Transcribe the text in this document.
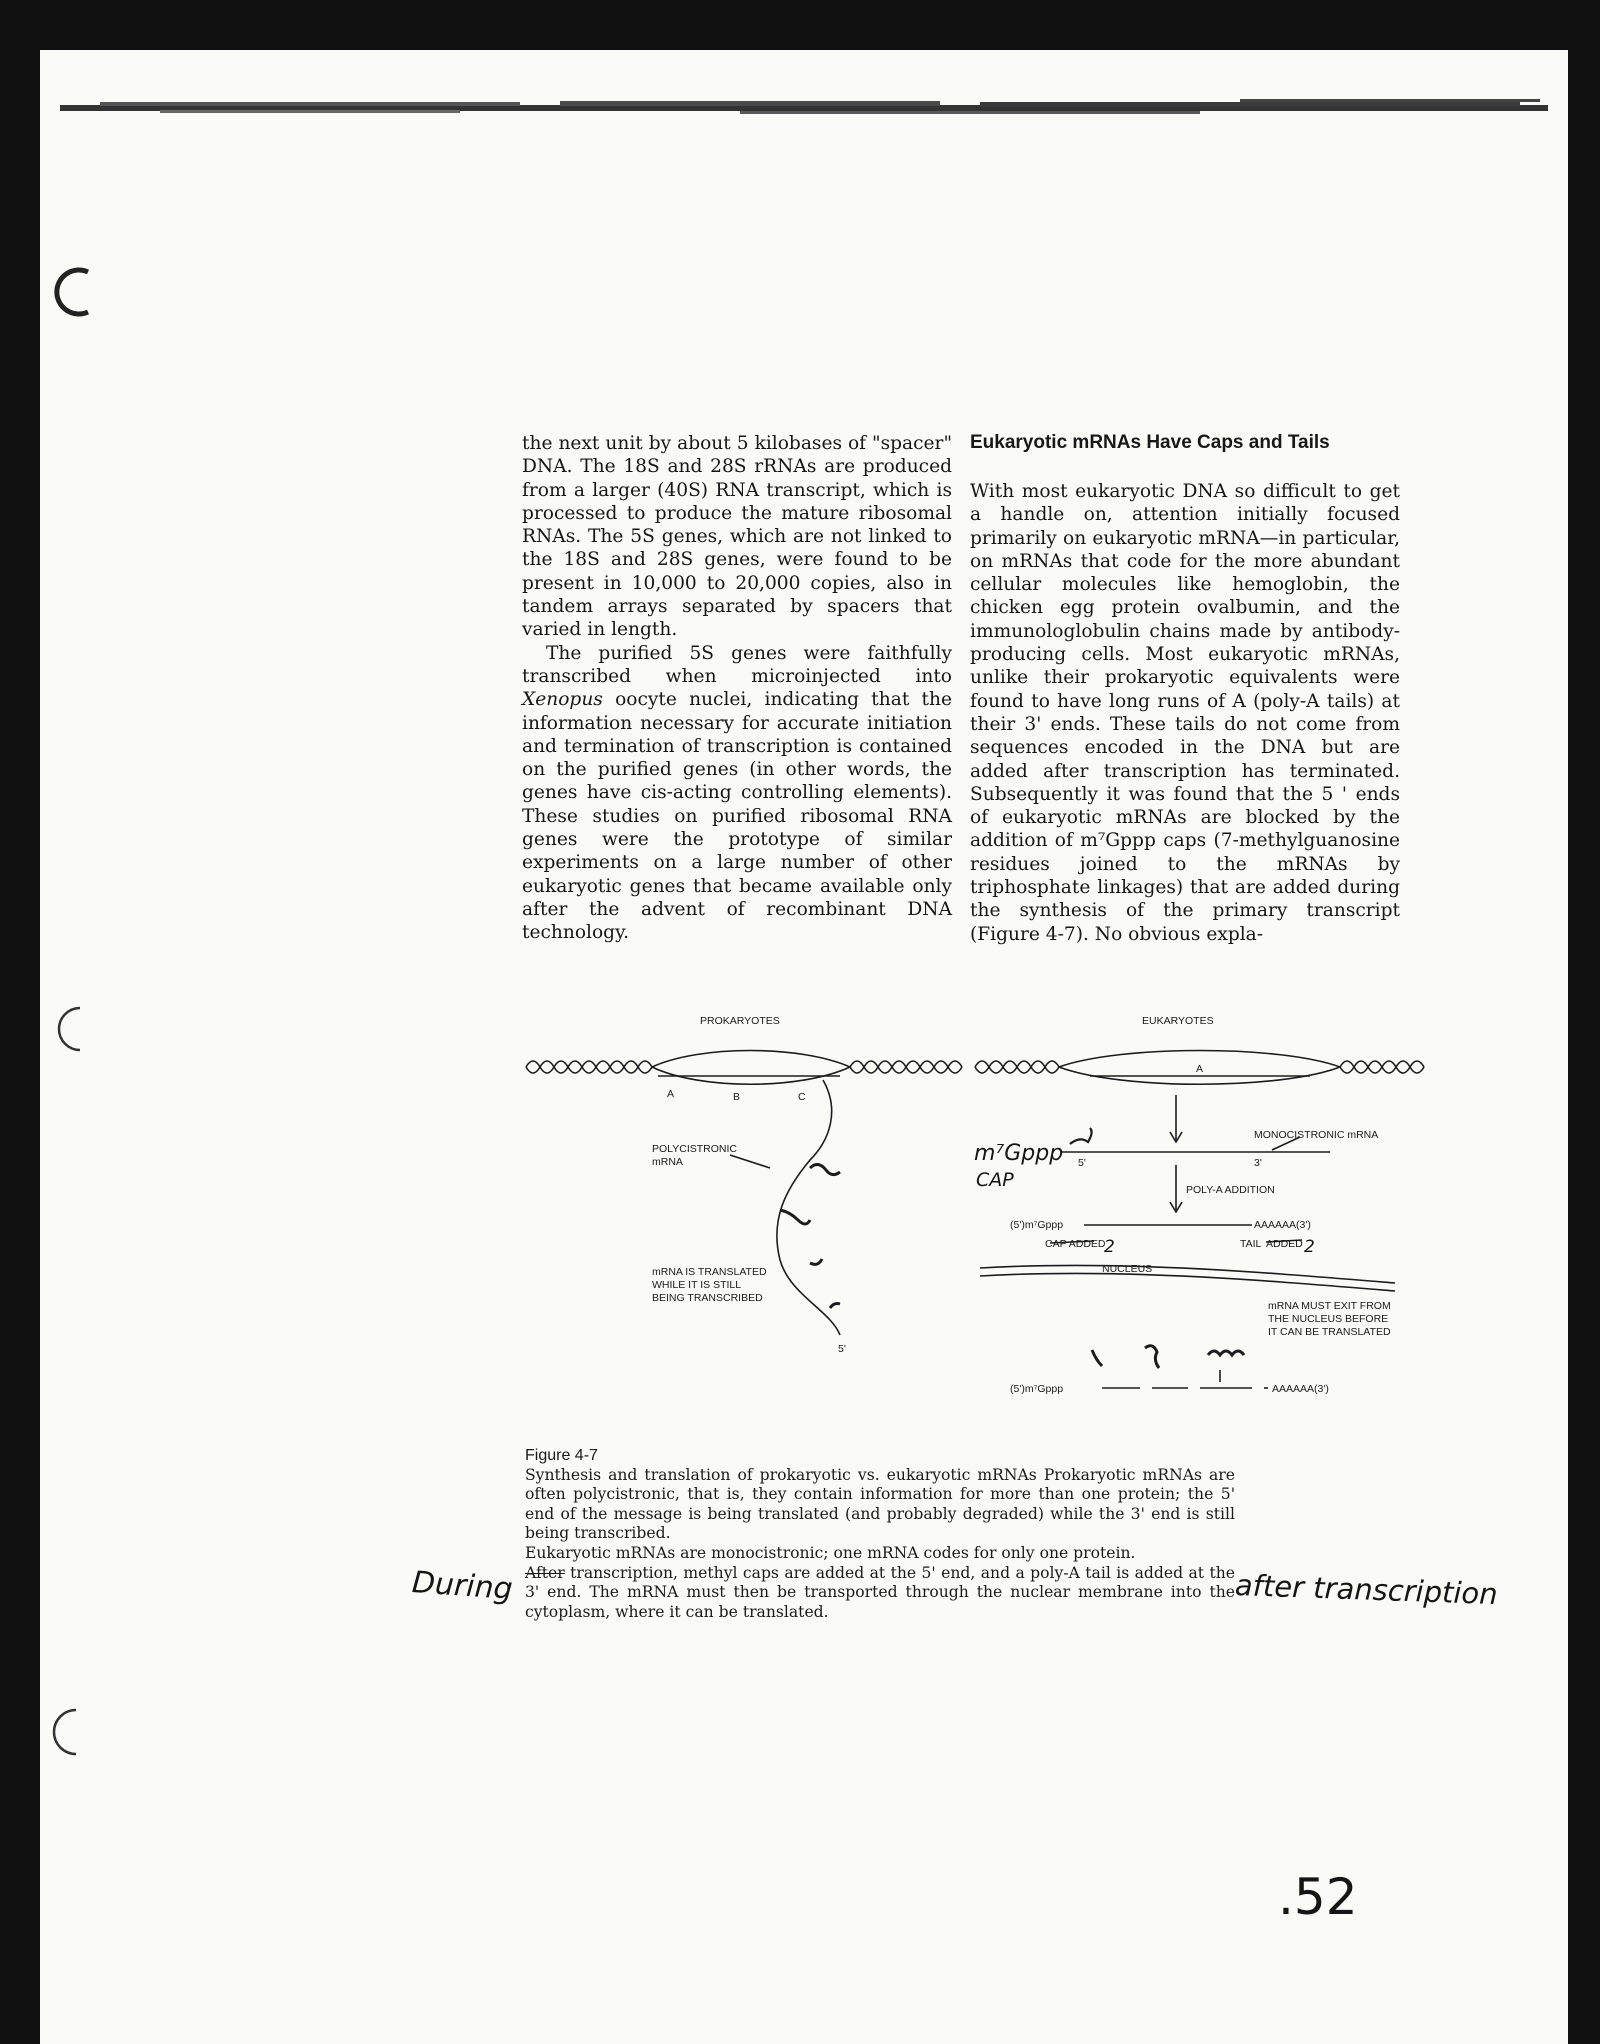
the next unit by about 5 kilobases of "spacer" DNA. The 18S and 28S rRNAs are produced from a larger (40S) RNA transcript, which is processed to produce the mature ribosomal RNAs. The 5S genes, which are not linked to the 18S and 28S genes, were found to be present in 10,000 to 20,000 copies, also in tandem arrays separated by spacers that varied in length.

The purified 5S genes were faithfully transcribed when microinjected into Xenopus oocyte nuclei, indicating that the information necessary for accurate initiation and termination of transcription is contained on the purified genes (in other words, the genes have cis-acting controlling elements). These studies on purified ribosomal RNA genes were the prototype of similar experiments on a large number of other eukaryotic genes that became available only after the advent of recombinant DNA technology.

Eukaryotic mRNAs Have Caps and Tails

With most eukaryotic DNA so difficult to get a handle on, attention initially focused primarily on eukaryotic mRNA—in particular, on mRNAs that code for the more abundant cellular molecules like hemoglobin, the chicken egg protein ovalbumin, and the immunologlobulin chains made by antibody-producing cells. Most eukaryotic mRNAs, unlike their prokaryotic equivalents were found to have long runs of A (poly-A tails) at their 3' ends. These tails do not come from sequences encoded in the DNA but are added after transcription has terminated. Subsequently it was found that the 5 ' ends of eukaryotic mRNAs are blocked by the addition of m⁷Gppp caps (7-methylguanosine residues joined to the mRNAs by triphosphate linkages) that are added during the synthesis of the primary transcript (Figure 4-7). No obvious expla-

PROKARYOTES	EUKARYOTES
A	B	C
POLYCISTRONIC
mRNA
mRNA IS TRANSLATED
WHILE IT IS STILL
BEING TRANSCRIBED
5'
A
MONOCISTRONIC mRNA
5'	3'
POLY-A ADDITION
(5')m⁷Gppp
CAP ADDED
AAAAAA(3')
TAIL ADDED
NUCLEUS
mRNA MUST EXIT FROM
THE NUCLEUS BEFORE
IT CAN BE TRANSLATED
(5')m⁷Gppp	AAAAAA(3')
m⁷Gppp
CAP
2	2

Figure 4-7

Synthesis and translation of prokaryotic vs. eukaryotic mRNAs Prokaryotic mRNAs are often polycistronic, that is, they contain information for more than one protein; the 5' end of the message is being translated (and probably degraded) while the 3' end is still being transcribed.

Eukaryotic mRNAs are monocistronic; one mRNA codes for only one protein.

After transcription, methyl caps are added at the 5' end, and a poly-A tail is added at the 3' end. The mRNA must then be transported through the nuclear membrane into the cytoplasm, where it can be translated.

During	after transcription
.52
